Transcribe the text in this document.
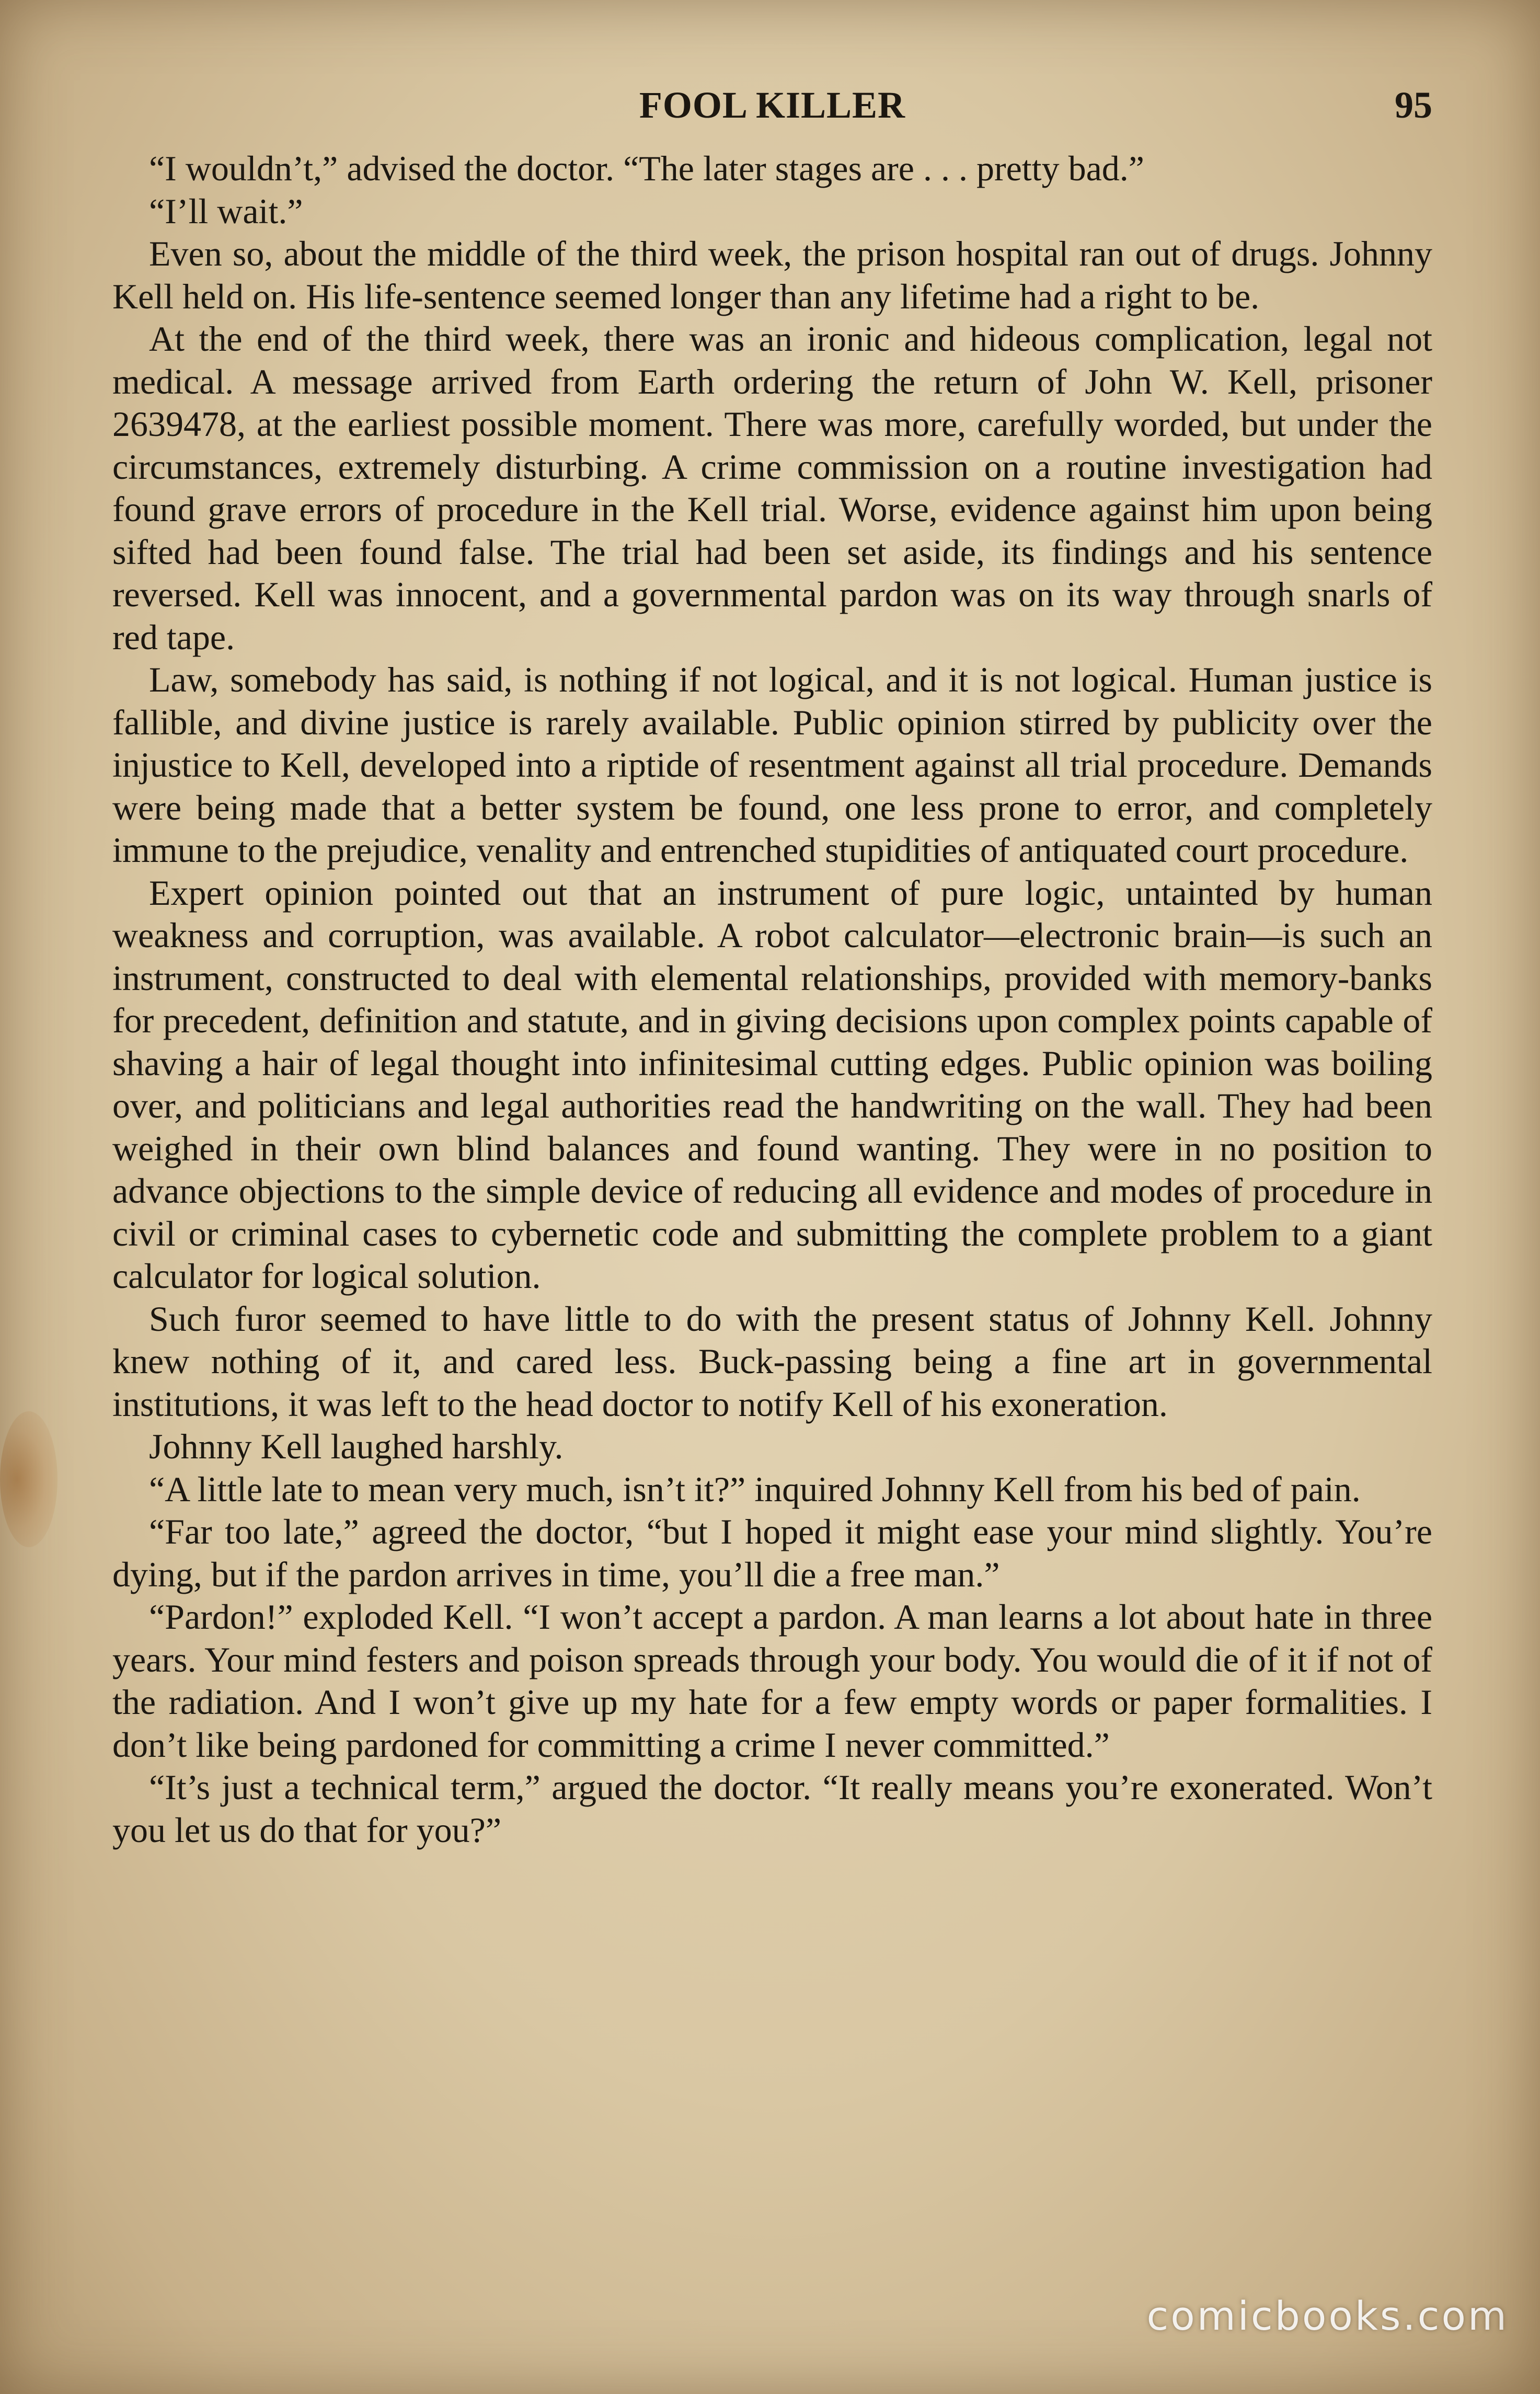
FOOL KILLER	95

“I wouldn’t,” advised the doctor. “The later stages are . . . pretty bad.”

“I’ll wait.”

Even so, about the middle of the third week, the prison hospital ran out of drugs. Johnny Kell held on. His life-sentence seemed longer than any lifetime had a right to be.

At the end of the third week, there was an ironic and hideous complication, legal not medical. A message arrived from Earth ordering the return of John W. Kell, prisoner 2639478, at the earliest possible moment. There was more, carefully worded, but under the circumstances, extremely disturbing. A crime commission on a routine investigation had found grave errors of procedure in the Kell trial. Worse, evidence against him upon being sifted had been found false. The trial had been set aside, its findings and his sentence reversed. Kell was innocent, and a governmental pardon was on its way through snarls of red tape.

Law, somebody has said, is nothing if not logical, and it is not logical. Human justice is fallible, and divine justice is rarely available. Public opinion stirred by publicity over the injustice to Kell, developed into a riptide of resentment against all trial procedure. Demands were being made that a better system be found, one less prone to error, and completely immune to the prejudice, venality and entrenched stupidities of antiquated court procedure.

Expert opinion pointed out that an instrument of pure logic, untainted by human weakness and corruption, was available. A robot calculator—electronic brain—is such an instrument, constructed to deal with elemental relationships, provided with memory-banks for precedent, definition and statute, and in giving decisions upon complex points capable of shaving a hair of legal thought into infinitesimal cutting edges. Public opinion was boiling over, and politicians and legal authorities read the handwriting on the wall. They had been weighed in their own blind balances and found wanting. They were in no position to advance objections to the simple device of reducing all evidence and modes of procedure in civil or criminal cases to cybernetic code and submitting the complete problem to a giant calculator for logical solution.

Such furor seemed to have little to do with the present status of Johnny Kell. Johnny knew nothing of it, and cared less. Buck-passing being a fine art in governmental institutions, it was left to the head doctor to notify Kell of his exoneration.

Johnny Kell laughed harshly.

“A little late to mean very much, isn’t it?” inquired Johnny Kell from his bed of pain.

“Far too late,” agreed the doctor, “but I hoped it might ease your mind slightly. You’re dying, but if the pardon arrives in time, you’ll die a free man.”

“Pardon!” exploded Kell. “I won’t accept a pardon. A man learns a lot about hate in three years. Your mind festers and poison spreads through your body. You would die of it if not of the radiation. And I won’t give up my hate for a few empty words or paper formalities. I don’t like being pardoned for committing a crime I never committed.”

“It’s just a technical term,” argued the doctor. “It really means you’re exonerated. Won’t you let us do that for you?”

comicbooks.com
